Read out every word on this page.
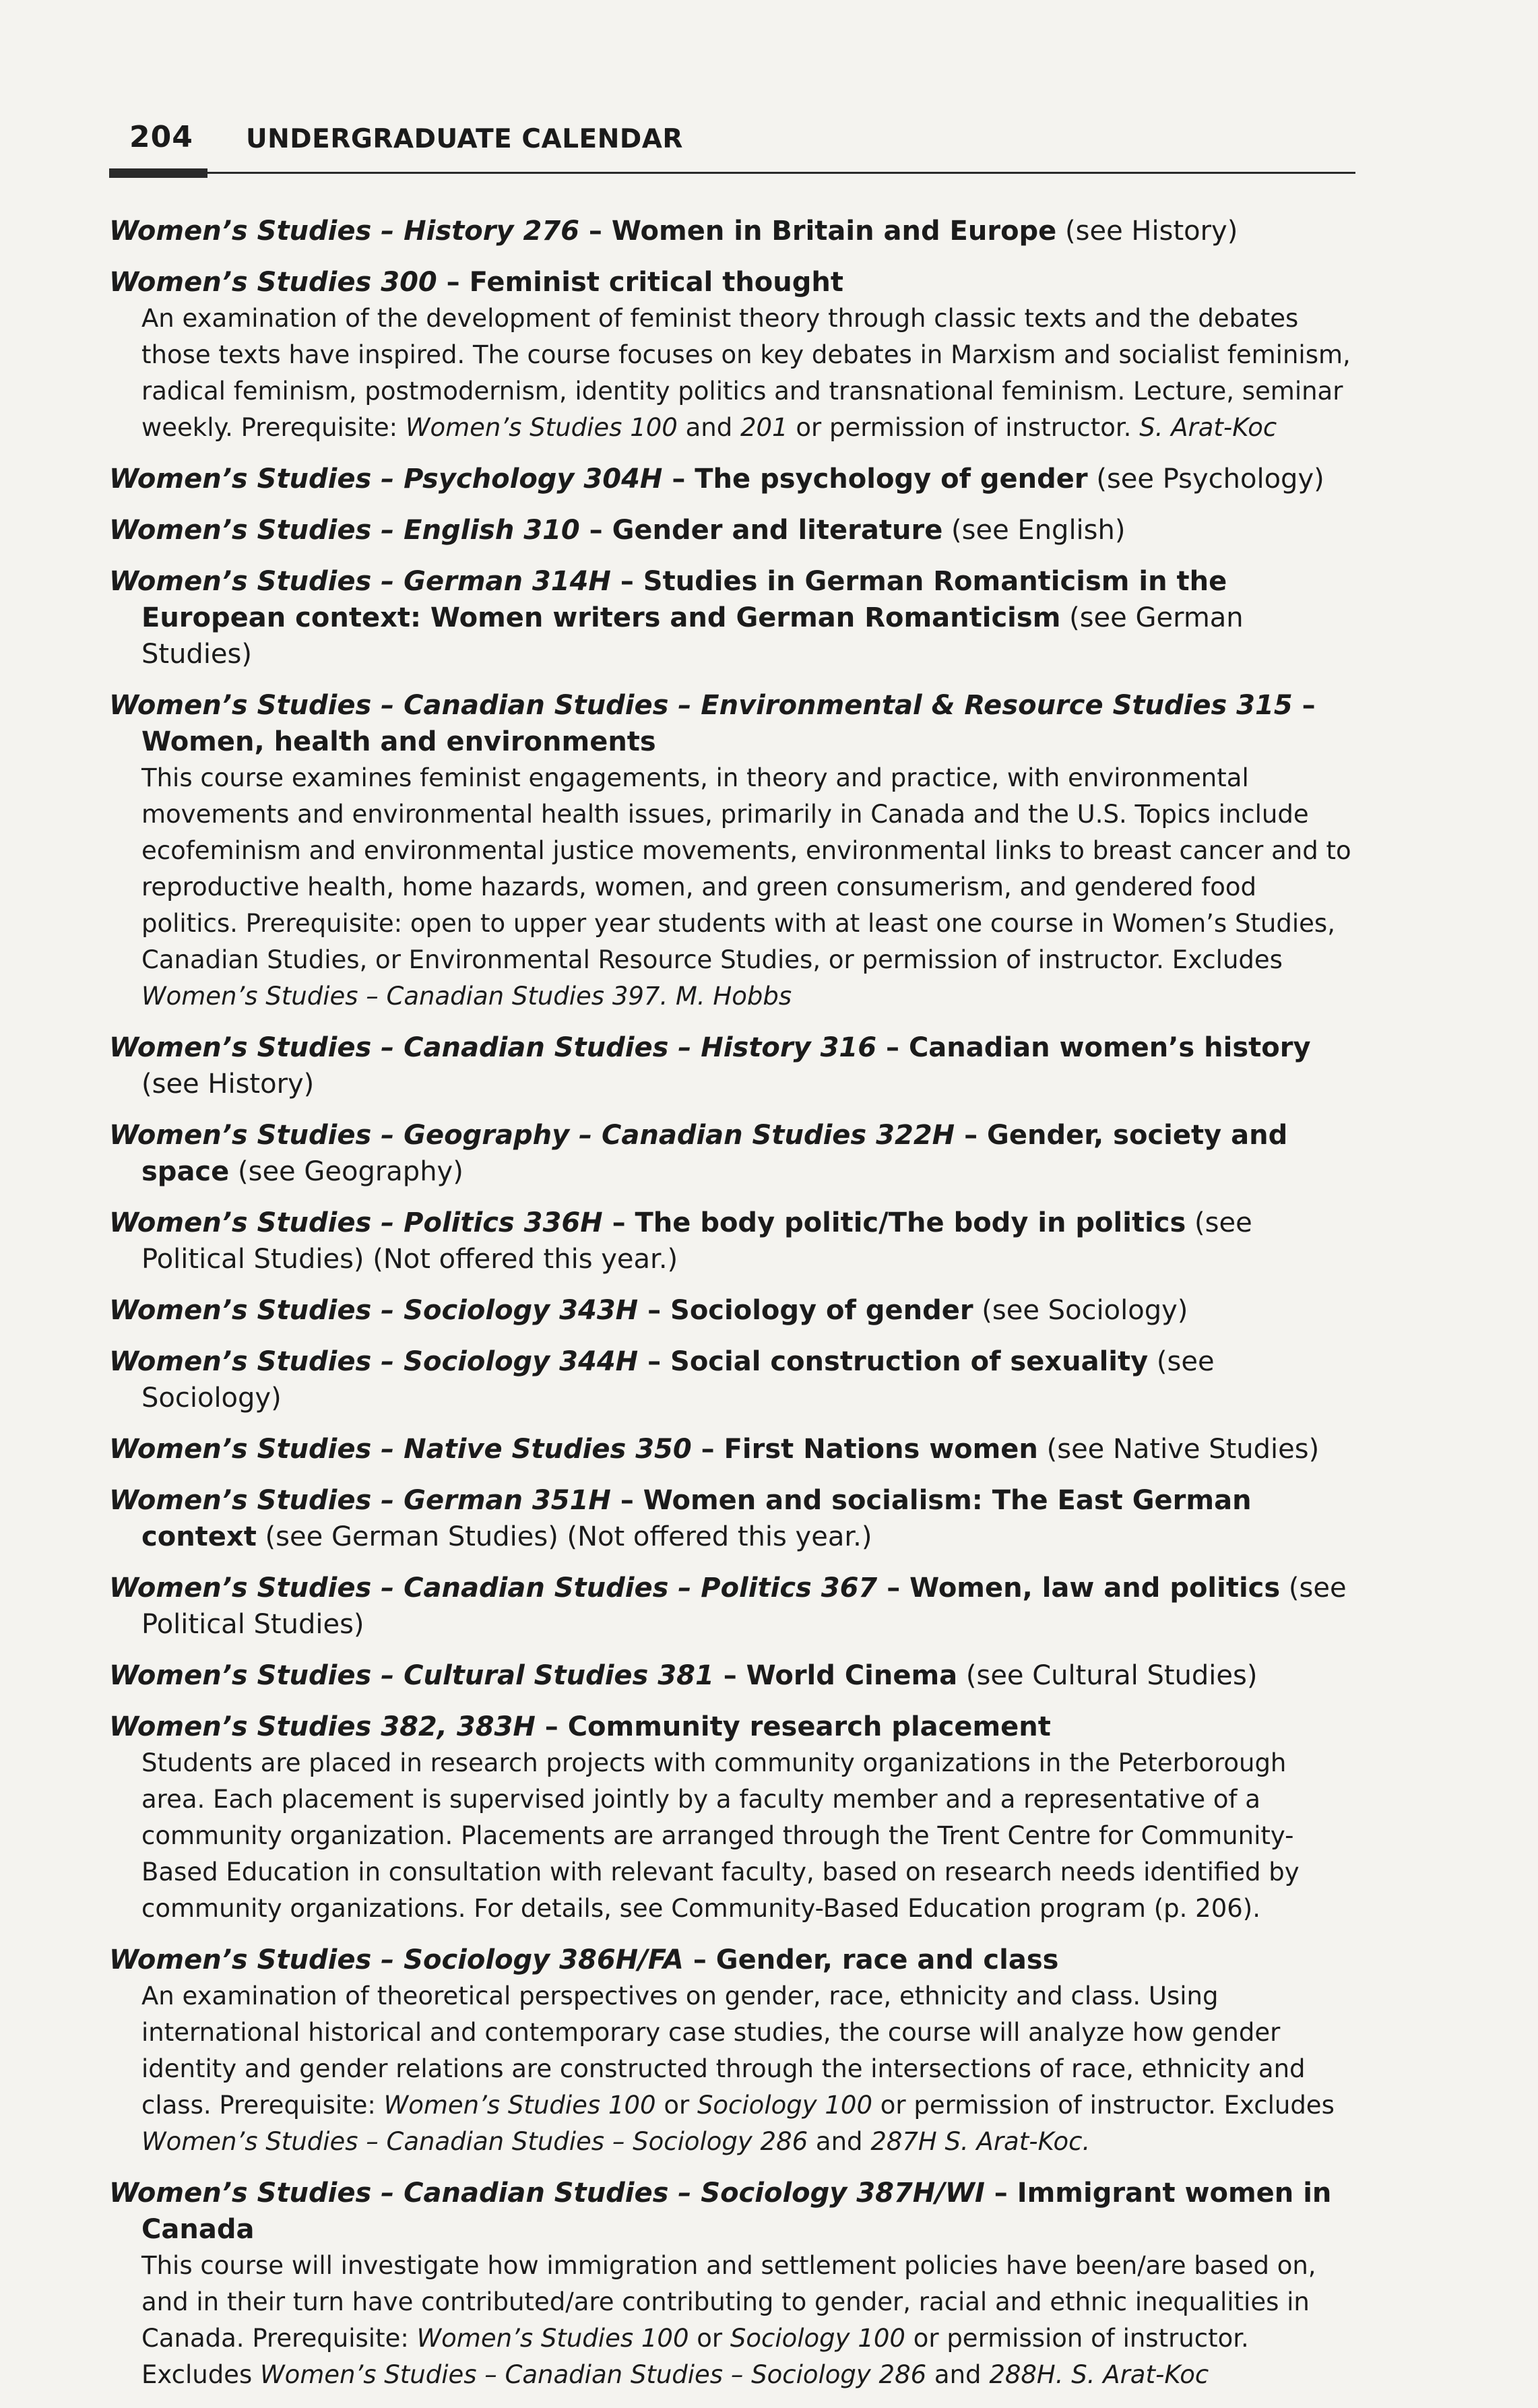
204 UNDERGRADUATE CALENDAR
Women’s Studies – History 276 – Women in Britain and Europe (see History)
Women’s Studies 300 – Feminist critical thought
An examination of the development of feminist theory through classic texts and the debates those texts have inspired. The course focuses on key debates in Marxism and socialist feminism, radical feminism, postmodernism, identity politics and transnational feminism. Lecture, seminar weekly. Prerequisite: Women’s Studies 100 and 201 or permission of instructor. S. Arat-Koc
Women’s Studies – Psychology 304H – The psychology of gender (see Psychology)
Women’s Studies – English 310 – Gender and literature (see English)
Women’s Studies – German 314H – Studies in German Romanticism in the European context: Women writers and German Romanticism (see German Studies)
Women’s Studies – Canadian Studies – Environmental & Resource Studies 315 – Women, health and environments
This course examines feminist engagements, in theory and practice, with environmental movements and environmental health issues, primarily in Canada and the U.S. Topics include ecofeminism and environmental justice movements, environmental links to breast cancer and to reproductive health, home hazards, women, and green consumerism, and gendered food politics. Prerequisite: open to upper year students with at least one course in Women’s Studies, Canadian Studies, or Environmental Resource Studies, or permission of instructor. Excludes Women’s Studies – Canadian Studies 397. M. Hobbs
Women’s Studies – Canadian Studies – History 316 – Canadian women’s history (see History)
Women’s Studies – Geography – Canadian Studies 322H – Gender, society and space (see Geography)
Women’s Studies – Politics 336H – The body politic/The body in politics (see Political Studies) (Not offered this year.)
Women’s Studies – Sociology 343H – Sociology of gender (see Sociology)
Women’s Studies – Sociology 344H – Social construction of sexuality (see Sociology)
Women’s Studies – Native Studies 350 – First Nations women (see Native Studies)
Women’s Studies – German 351H – Women and socialism: The East German context (see German Studies) (Not offered this year.)
Women’s Studies – Canadian Studies – Politics 367 – Women, law and politics (see Political Studies)
Women’s Studies – Cultural Studies 381 – World Cinema (see Cultural Studies)
Women’s Studies 382, 383H – Community research placement
Students are placed in research projects with community organizations in the Peterborough area. Each placement is supervised jointly by a faculty member and a representative of a community organization. Placements are arranged through the Trent Centre for Community-Based Education in consultation with relevant faculty, based on research needs identified by community organizations. For details, see Community-Based Education program (p. 206).
Women’s Studies – Sociology 386H/FA – Gender, race and class
An examination of theoretical perspectives on gender, race, ethnicity and class. Using international historical and contemporary case studies, the course will analyze how gender identity and gender relations are constructed through the intersections of race, ethnicity and class. Prerequisite: Women’s Studies 100 or Sociology 100 or permission of instructor. Excludes Women’s Studies – Canadian Studies – Sociology 286 and 287H S. Arat-Koc.
Women’s Studies – Canadian Studies – Sociology 387H/WI – Immigrant women in Canada
This course will investigate how immigration and settlement policies have been/are based on, and in their turn have contributed/are contributing to gender, racial and ethnic inequalities in Canada. Prerequisite: Women’s Studies 100 or Sociology 100 or permission of instructor. Excludes Women’s Studies – Canadian Studies – Sociology 286 and 288H. S. Arat-Koc
